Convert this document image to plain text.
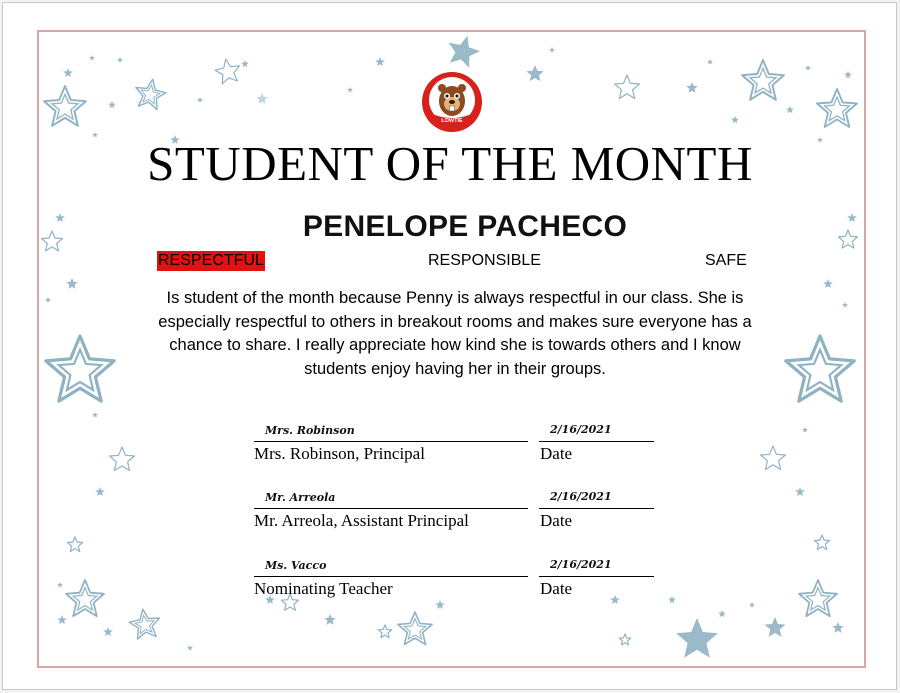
LOWTIE
STUDENT OF THE MONTH
PENELOPE PACHECO
RESPECTFUL	RESPONSIBLE	SAFE
Is student of the month because Penny is always respectful in our class. She is especially respectful to others in breakout rooms and makes sure everyone has a chance to share. I really appreciate how kind she is towards others and I know students enjoy having her in their groups.
Mrs. Robinson	2/16/2021
Mrs. Robinson, Principal	Date
Mr. Arreola	2/16/2021
Mr. Arreola, Assistant Principal	Date
Ms. Vacco	2/16/2021
Nominating Teacher	Date
